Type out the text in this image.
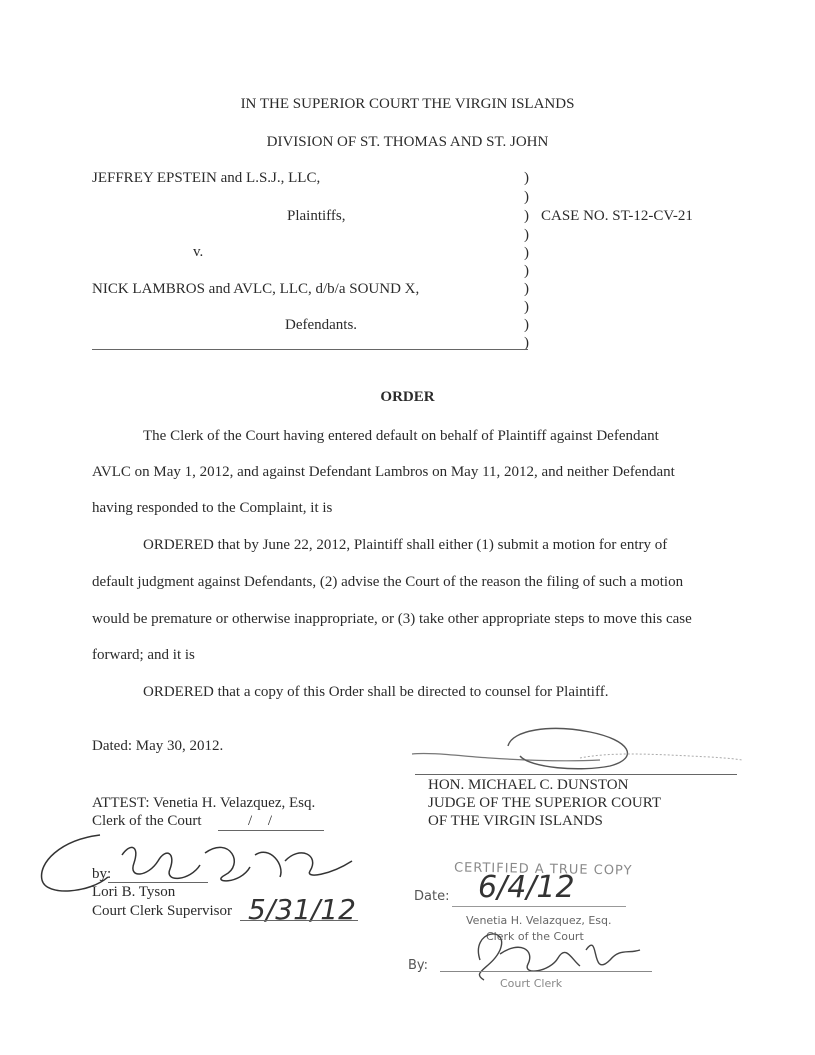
IN THE SUPERIOR COURT THE VIRGIN ISLANDS
DIVISION OF ST. THOMAS AND ST. JOHN
JEFFREY EPSTEIN and L.S.J., LLC,
Plaintiffs,
v.
NICK LAMBROS and AVLC, LLC, d/b/a SOUND X,
Defendants.
)
)
)
)
)
)
)
)
)
)
CASE NO. ST-12-CV-21
ORDER
The Clerk of the Court having entered default on behalf of Plaintiff against Defendant
AVLC on May 1, 2012, and against Defendant Lambros on May 11, 2012, and neither Defendant
having responded to the Complaint, it is
ORDERED that by June 22, 2012, Plaintiff shall either (1) submit a motion for entry of
default judgment against Defendants, (2) advise the Court of the reason the filing of such a motion
would be premature or otherwise inappropriate, or (3) take other appropriate steps to move this case
forward; and it is
ORDERED that a copy of this Order shall be directed to counsel for Plaintiff.
Dated: May 30, 2012.
HON. MICHAEL C. DUNSTON
JUDGE OF THE SUPERIOR COURT
OF THE VIRGIN ISLANDS
ATTEST: Venetia H. Velazquez, Esq.
Clerk of the Court	/ /
by:
Lori B. Tyson
Court Clerk Supervisor 5/31/12
CERTIFIED A TRUE COPY
Date: 6/4/12
Venetia H. Velazquez, Esq.
Clerk of the Court
By:
Court Clerk
